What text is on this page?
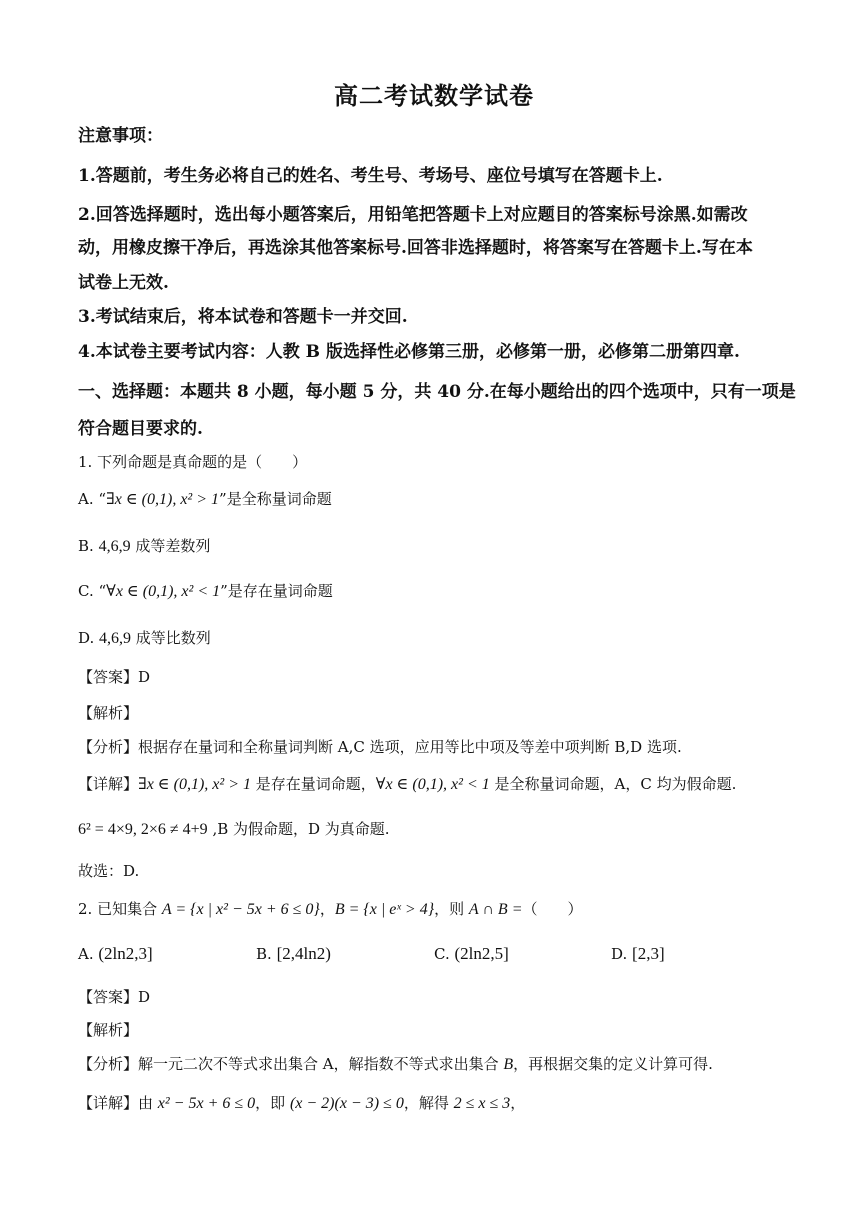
高二考试数学试卷
注意事项：
1.答题前，考生务必将自己的姓名、考生号、考场号、座位号填写在答题卡上.
2.回答选择题时，选出每小题答案后，用铅笔把答题卡上对应题目的答案标号涂黑.如需改
动，用橡皮擦干净后，再选涂其他答案标号.回答非选择题时，将答案写在答题卡上.写在本
试卷上无效.
3.考试结束后，将本试卷和答题卡一并交回.
4.本试卷主要考试内容：人教 B 版选择性必修第三册，必修第一册，必修第二册第四章.
一、选择题：本题共 8 小题，每小题 5 分，共 40 分.在每小题给出的四个选项中，只有一项是
符合题目要求的.
1. 下列命题是真命题的是（　　）
A. “∃x ∈ (0,1), x² > 1”是全称量词命题
B. 4,6,9 成等差数列
C. “∀x ∈ (0,1), x² < 1”是存在量词命题
D. 4,6,9 成等比数列
【答案】D
【解析】
【分析】根据存在量词和全称量词判断 A,C 选项，应用等比中项及等差中项判断 B,D 选项.
【详解】∃x ∈ (0,1), x² > 1 是存在量词命题，∀x ∈ (0,1), x² < 1 是全称量词命题，A，C 均为假命题.
6² = 4×9, 2×6 ≠ 4+9 ,B 为假命题，D 为真命题.
故选：D.
2. 已知集合 A = {x | x² − 5x + 6 ≤ 0}，B = {x | eˣ > 4}，则 A ∩ B =（　　）
A. (2ln2,3]	B. [2,4ln2)	C. (2ln2,5]	D. [2,3]
【答案】D
【解析】
【分析】解一元二次不等式求出集合 A，解指数不等式求出集合 B，再根据交集的定义计算可得.
【详解】由 x² − 5x + 6 ≤ 0，即 (x − 2)(x − 3) ≤ 0，解得 2 ≤ x ≤ 3，
